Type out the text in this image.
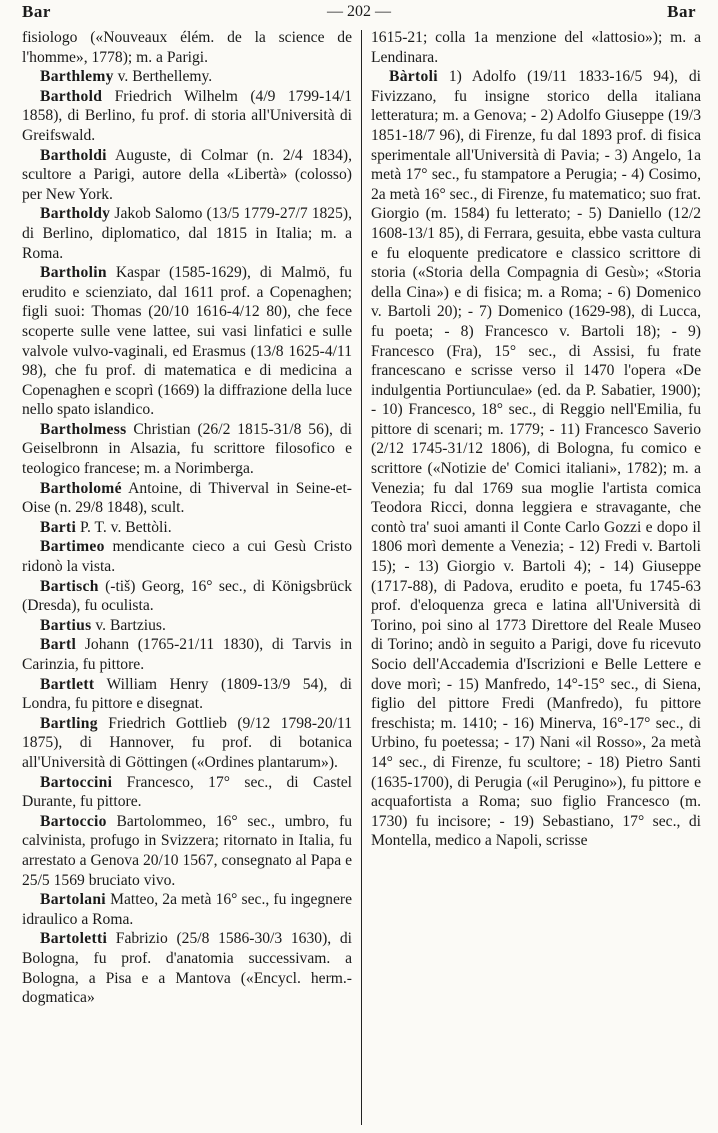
Bar	— 202 —	Bar

fisiologo («Nouveaux élém. de la science de l'homme», 1778); m. a Parigi.

Barthlemy v. Berthellemy.

Barthold Friedrich Wilhelm (4/9 1799-14/1 1858), di Berlino, fu prof. di storia all'Università di Greifswald.

Bartholdi Auguste, di Colmar (n. 2/4 1834), scultore a Parigi, autore della «Libertà» (colosso) per New York.

Bartholdy Jakob Salomo (13/5 1779-27/7 1825), di Berlino, diplomatico, dal 1815 in Italia; m. a Roma.

Bartholin Kaspar (1585-1629), di Malmö, fu erudito e scienziato, dal 1611 prof. a Copenaghen; figli suoi: Thomas (20/10 1616-4/12 80), che fece scoperte sulle vene lattee, sui vasi linfatici e sulle valvole vulvo-vaginali, ed Erasmus (13/8 1625-4/11 98), che fu prof. di matematica e di medicina a Copenaghen e scoprì (1669) la diffrazione della luce nello spato islandico.

Bartholmess Christian (26/2 1815-31/8 56), di Geiselbronn in Alsazia, fu scrittore filosofico e teologico francese; m. a Norimberga.

Bartholomé Antoine, di Thiverval in Seine-et-Oise (n. 29/8 1848), scult.

Barti P. T. v. Bettòli.

Bartimeo mendicante cieco a cui Gesù Cristo ridonò la vista.

Bartisch (-tiš) Georg, 16° sec., di Königsbrück (Dresda), fu oculista.

Bartius v. Bartzius.

Bartl Johann (1765-21/11 1830), di Tarvis in Carinzia, fu pittore.

Bartlett William Henry (1809-13/9 54), di Londra, fu pittore e disegnat.

Bartling Friedrich Gottlieb (9/12 1798-20/11 1875), di Hannover, fu prof. di botanica all'Università di Göttingen («Ordines plantarum»).

Bartoccini Francesco, 17° sec., di Castel Durante, fu pittore.

Bartoccio Bartolommeo, 16° sec., umbro, fu calvinista, profugo in Svizzera; ritornato in Italia, fu arrestato a Genova 20/10 1567, consegnato al Papa e 25/5 1569 bruciato vivo.

Bartolani Matteo, 2a metà 16° sec., fu ingegnere idraulico a Roma.

Bartoletti Fabrizio (25/8 1586-30/3 1630), di Bologna, fu prof. d'anatomia successivam. a Bologna, a Pisa e a Mantova («Encycl. herm.-dogmatica»

1615-21; colla 1a menzione del «lattosio»); m. a Lendinara.

Bàrtoli 1) Adolfo (19/11 1833-16/5 94), di Fivizzano, fu insigne storico della italiana letteratura; m. a Genova; - 2) Adolfo Giuseppe (19/3 1851-18/7 96), di Firenze, fu dal 1893 prof. di fisica sperimentale all'Università di Pavia; - 3) Angelo, 1a metà 17° sec., fu stampatore a Perugia; - 4) Cosimo, 2a metà 16° sec., di Firenze, fu matematico; suo frat. Giorgio (m. 1584) fu letterato; - 5) Daniello (12/2 1608-13/1 85), di Ferrara, gesuita, ebbe vasta cultura e fu eloquente predicatore e classico scrittore di storia («Storia della Compagnia di Gesù»; «Storia della Cina») e di fisica; m. a Roma; - 6) Domenico v. Bartoli 20); - 7) Domenico (1629-98), di Lucca, fu poeta; - 8) Francesco v. Bartoli 18); - 9) Francesco (Fra), 15° sec., di Assisi, fu frate francescano e scrisse verso il 1470 l'opera «De indulgentia Portiunculae» (ed. da P. Sabatier, 1900); - 10) Francesco, 18° sec., di Reggio nell'Emilia, fu pittore di scenari; m. 1779; - 11) Francesco Saverio (2/12 1745-31/12 1806), di Bologna, fu comico e scrittore («Notizie de' Comici italiani», 1782); m. a Venezia; fu dal 1769 sua moglie l'artista comica Teodora Ricci, donna leggiera e stravagante, che contò tra' suoi amanti il Conte Carlo Gozzi e dopo il 1806 morì demente a Venezia; - 12) Fredi v. Bartoli 15); - 13) Giorgio v. Bartoli 4); - 14) Giuseppe (1717-88), di Padova, erudito e poeta, fu 1745-63 prof. d'eloquenza greca e latina all'Università di Torino, poi sino al 1773 Direttore del Reale Museo di Torino; andò in seguito a Parigi, dove fu ricevuto Socio dell'Accademia d'Iscrizioni e Belle Lettere e dove morì; - 15) Manfredo, 14°-15° sec., di Siena, figlio del pittore Fredi (Manfredo), fu pittore freschista; m. 1410; - 16) Minerva, 16°-17° sec., di Urbino, fu poetessa; - 17) Nani «il Rosso», 2a metà 14° sec., di Firenze, fu scultore; - 18) Pietro Santi (1635-1700), di Perugia («il Perugino»), fu pittore e acquafortista a Roma; suo figlio Francesco (m. 1730) fu incisore; - 19) Sebastiano, 17° sec., di Montella, medico a Napoli, scrisse
